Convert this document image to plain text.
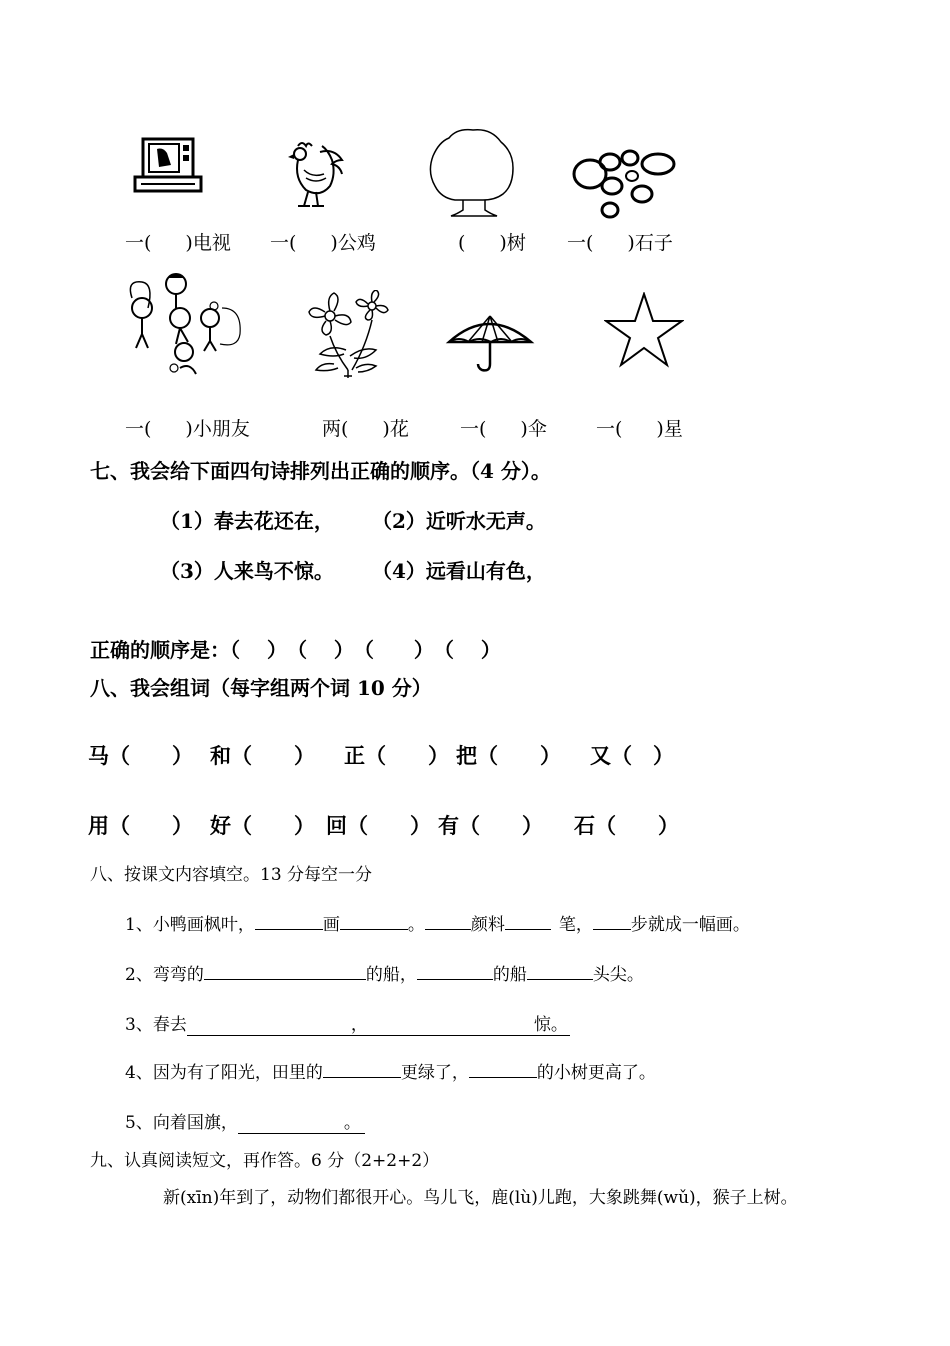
一( )电视 一( )公鸡	( )树 一( )石子
一( )小朋友	两( )花	一( )伞	一( )星
七、我会给下面四句诗排列出正确的顺序。（4 分）。
（1）春去花还在， （2）近听水无声。
（3）人来鸟不惊。 （4）远看山有色，
正确的顺序是：（　 ）　（　 ）　（　　）　（　 ）
八、我会组词（每字组两个词 10 分）
马（　　） 和（　　） 正（　　） 把（　　） 又（　）
用（　　） 好（　　） 回（　　） 有（　　） 石（　　）
八、按课文内容填空。13 分每空一分
1、小鸭画枫叶，	画	。	颜料	笔， 步就成一幅画。
2、弯弯的	的船，	的船	头尖。
3、春去	，	惊。
4、因为有了阳光，田里的	更绿了，	的小树更高了。
5、向着国旗，	。
九、认真阅读短文，再作答。6 分（2+2+2）
新(xīn)年到了，动物们都很开心。鸟儿飞，鹿(lù)儿跑，大象跳舞(wǔ)，猴子上树。
